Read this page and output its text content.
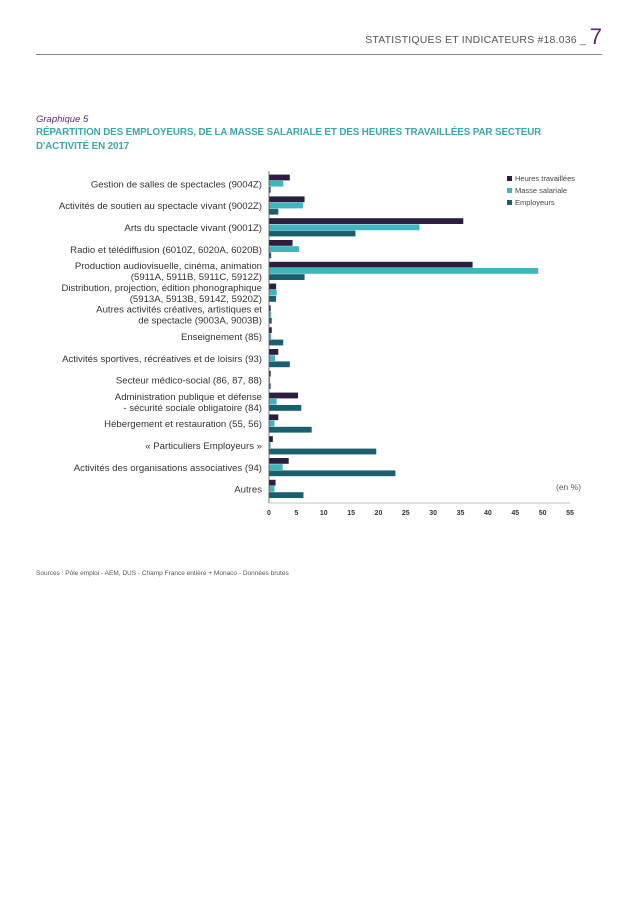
STATISTIQUES ET INDICATEURS #18.036 _ 7
Graphique 5
RÉPARTITION DES EMPLOYEURS, DE LA MASSE SALARIALE ET DES HEURES TRAVAILLÉES PAR SECTEUR D'ACTIVITÉ EN 2017
Gestion de salles de spectacles (9004Z)
Activités de soutien au spectacle vivant (9002Z)
Arts du spectacle vivant (9001Z)
Radio et télédiffusion (6010Z, 6020A, 6020B)
Production audiovisuelle, cinéma, animation
(5911A, 5911B, 5911C, 5912Z)
Distribution, projection, édition phonographique
(5913A, 5913B, 5914Z, 5920Z)
Autres activités créatives, artistiques et
de spectacle (9003A, 9003B)
Enseignement (85)
Activités sportives, récréatives et de loisirs (93)
Secteur médico-social (86, 87, 88)
Administration publique et défense
- sécurité sociale obligatoire (84)
Hébergement et restauration (55, 56)
« Particuliers Employeurs »
Activités des organisations associatives (94)
Autres
0	5	10	15	20	25	30	35	40	45	50	55
Heures travaillées
Masse salariale
Employeurs
(en %)
Sources : Pôle emploi - AEM, DUS - Champ France entière + Monaco - Données brutes
